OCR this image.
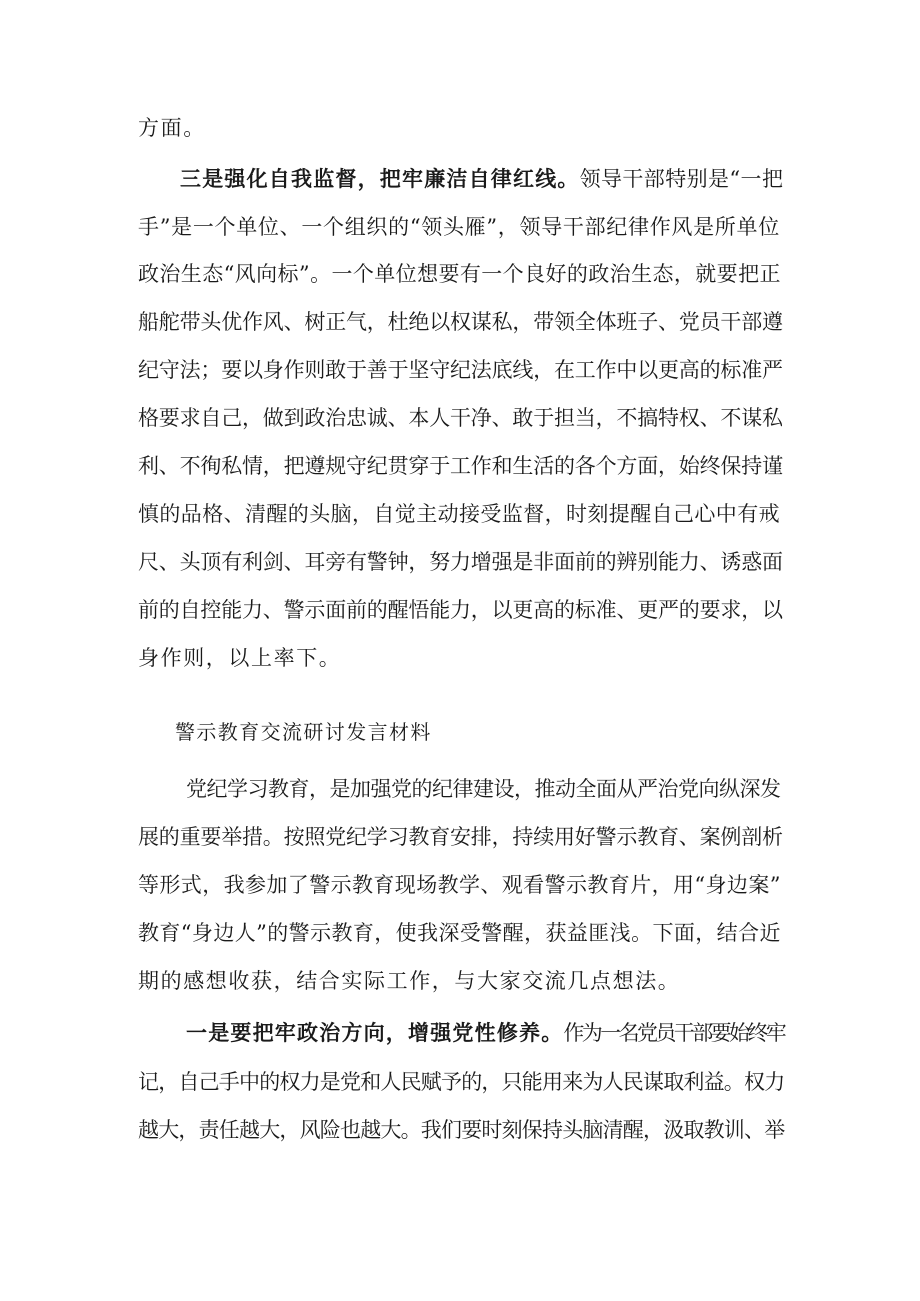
方面。
三是强化自我监督，把牢廉洁自律红线。领导干部特别是“一把
手”是一个单位、一个组织的“领头雁”，领导干部纪律作风是所单位
政治生态“风向标”。一个单位想要有一个良好的政治生态，就要把正
船舵带头优作风、树正气，杜绝以权谋私，带领全体班子、党员干部遵
纪守法；要以身作则敢于善于坚守纪法底线，在工作中以更高的标准严
格要求自己，做到政治忠诚、本人干净、敢于担当，不搞特权、不谋私
利、不徇私情，把遵规守纪贯穿于工作和生活的各个方面，始终保持谨
慎的品格、清醒的头脑，自觉主动接受监督，时刻提醒自己心中有戒
尺、头顶有利剑、耳旁有警钟，努力增强是非面前的辨别能力、诱惑面
前的自控能力、警示面前的醒悟能力，以更高的标准、更严的要求，以
身作则，以上率下。
警示教育交流研讨发言材料
党纪学习教育，是加强党的纪律建设，推动全面从严治党向纵深发
展的重要举措。按照党纪学习教育安排，持续用好警示教育、案例剖析
等形式，我参加了警示教育现场教学、观看警示教育片，用“身边案”
教育“身边人”的警示教育，使我深受警醒，获益匪浅。下面，结合近
期的感想收获，结合实际工作，与大家交流几点想法。
一是要把牢政治方向，增强党性修养。作为一名党员干部要始终牢
记，自己手中的权力是党和人民赋予的，只能用来为人民谋取利益。权力
越大，责任越大，风险也越大。我们要时刻保持头脑清醒，汲取教训、举
